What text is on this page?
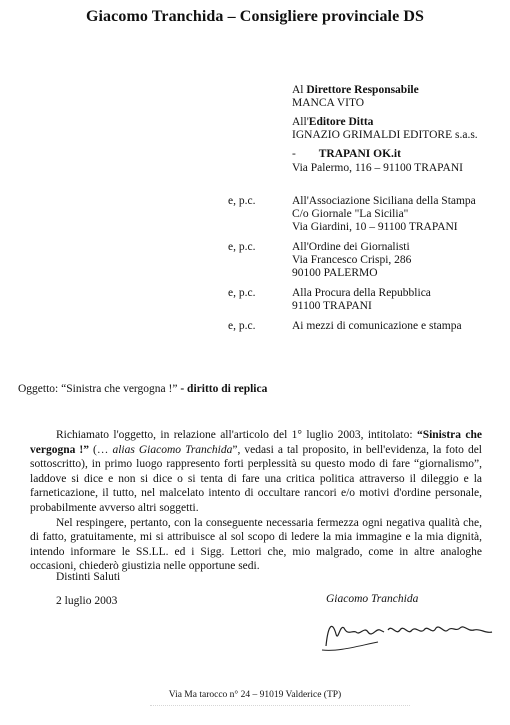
Giacomo Tranchida – Consigliere provinciale DS
Al Direttore Responsabile
MANCA VITO
All'Editore Ditta
IGNAZIO GRIMALDI EDITORE s.a.s.
- TRAPANI OK.it
Via Palermo, 116 – 91100 TRAPANI
e, p.c.	All'Associazione Siciliana della Stampa
C/o Giornale "La Sicilia"
Via Giardini, 10 – 91100 TRAPANI
e, p.c.	All'Ordine dei Giornalisti
Via Francesco Crispi, 286
90100 PALERMO
e, p.c.	Alla Procura della Repubblica
91100 TRAPANI
e, p.c.	Ai mezzi di comunicazione e stampa
Oggetto: “Sinistra che vergogna !” - diritto di replica

Richiamato l'oggetto, in relazione all'articolo del 1° luglio 2003, intitolato: “Sinistra che vergogna !” (… alias Giacomo Tranchida”, vedasi a tal proposito, in bell'evidenza, la foto del sottoscritto), in primo luogo rappresento forti perplessità su questo modo di fare “giornalismo”, laddove si dice e non si dice o si tenta di fare una critica politica attraverso il dileggio e la farneticazione, il tutto, nel malcelato intento di occultare rancori e/o motivi d'ordine personale, probabilmente avverso altri soggetti.

Nel respingere, pertanto, con la conseguente necessaria fermezza ogni negativa qualità che, di fatto, gratuitamente, mi si attribuisce al sol scopo di ledere la mia immagine e la mia dignità, intendo informare le SS.LL. ed i Sigg. Lettori che, mio malgrado, come in altre analoghe occasioni, chiederò giustizia nelle opportune sedi.

Distinti Saluti
2 luglio 2003	Giacomo Tranchida
Via Ma tarocco n° 24 – 91019 Valderice (TP)
